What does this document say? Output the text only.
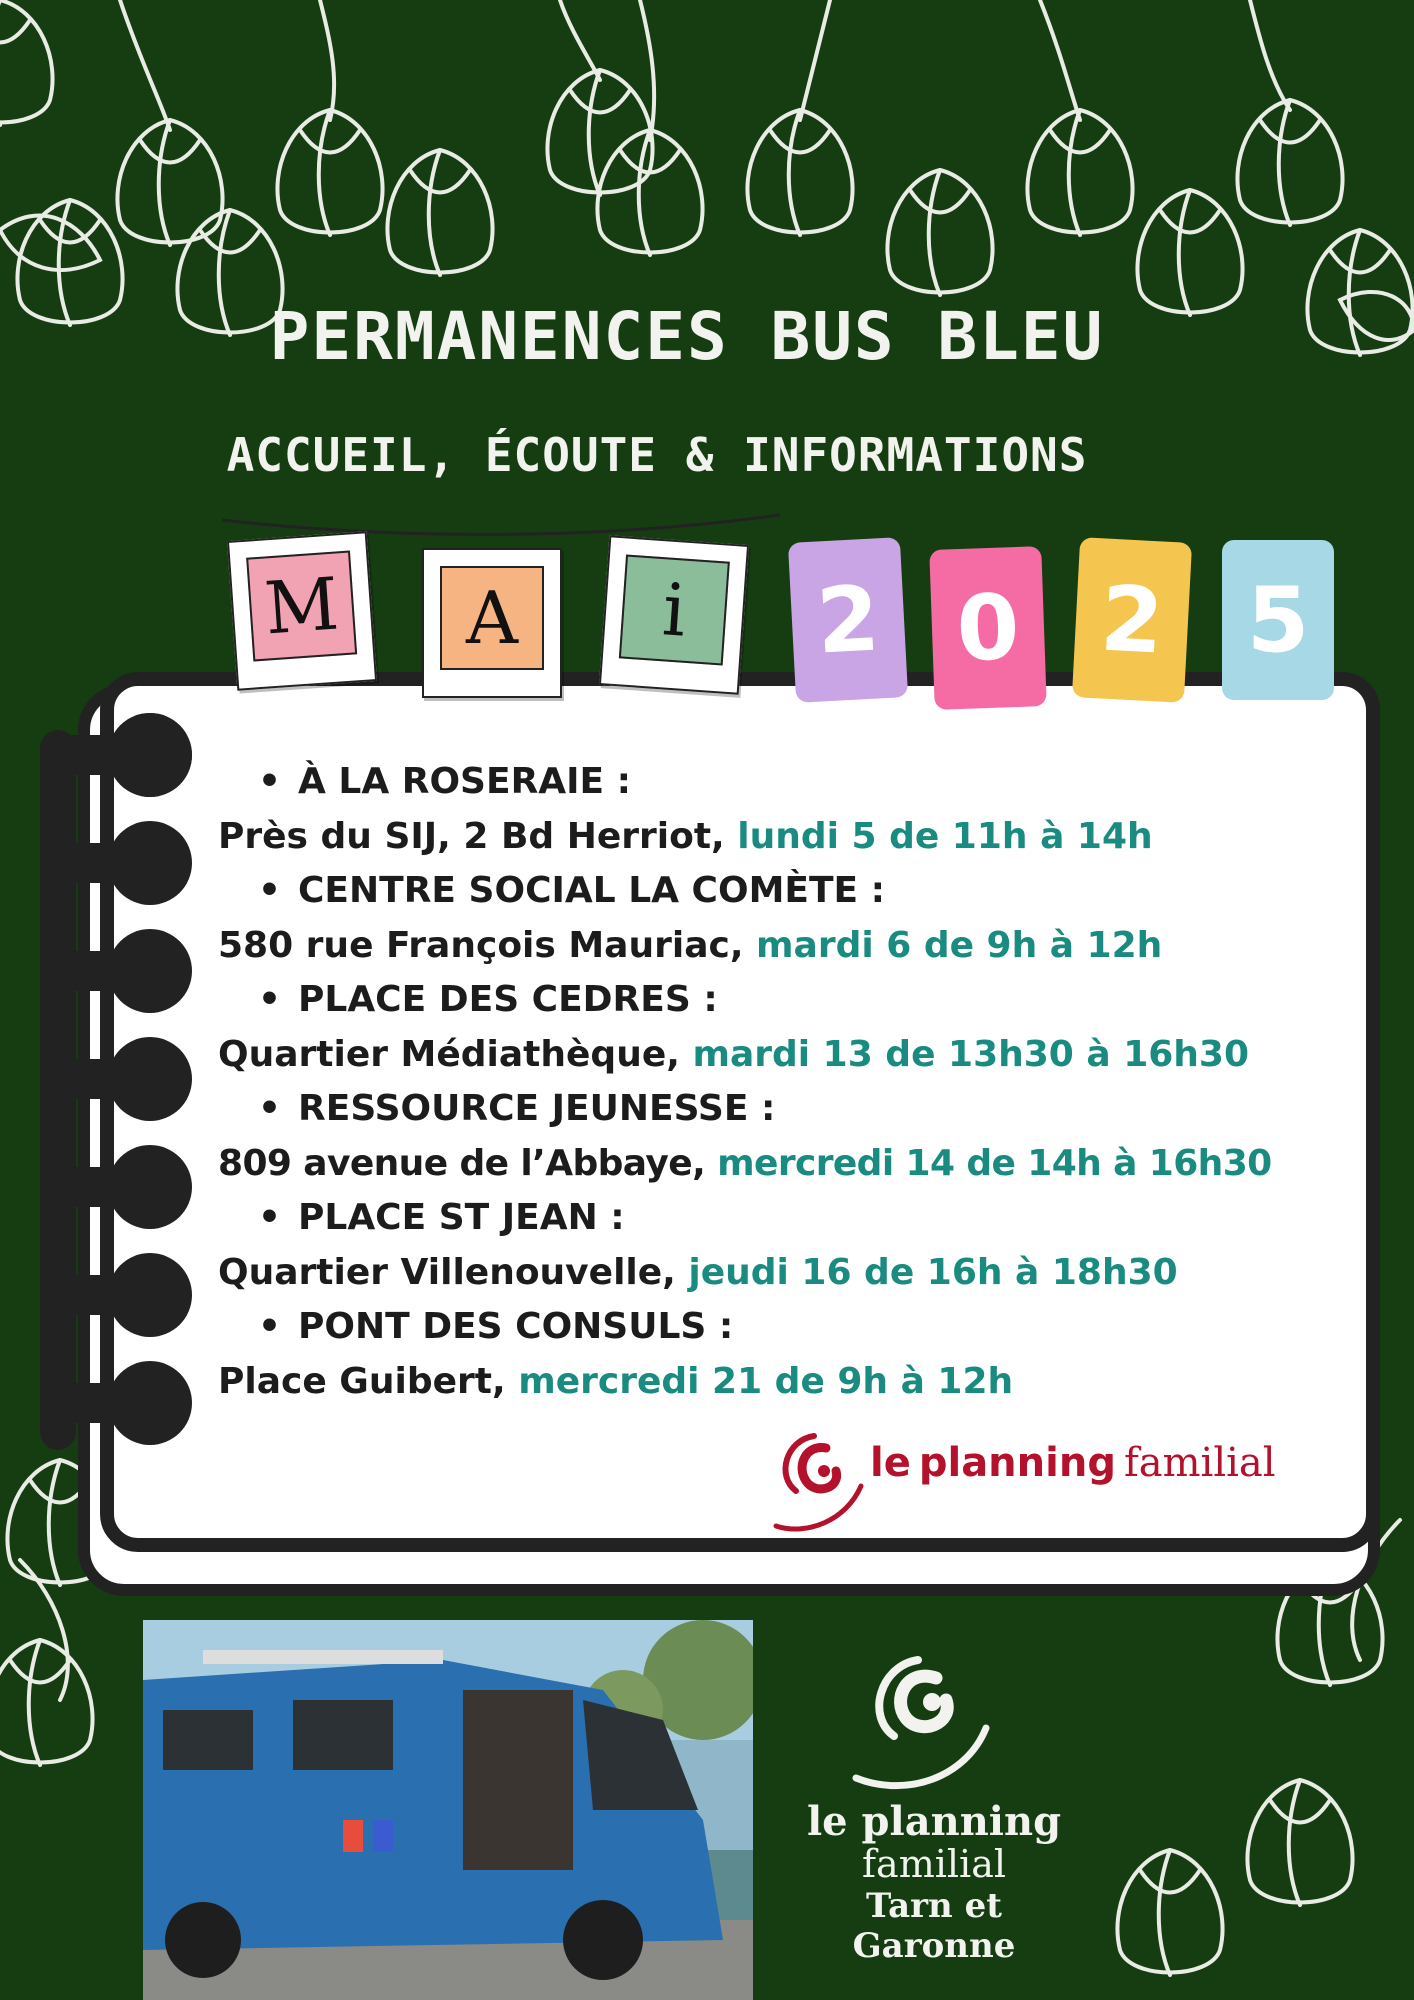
PERMANENCES BUS BLEU
ACCUEIL, ÉCOUTE & INFORMATIONS
M	A	i	2 0 2 5
• À LA ROSERAIE :
Près du SIJ, 2 Bd Herriot, lundi 5 de 11h à 14h
• CENTRE SOCIAL LA COMÈTE :
580 rue François Mauriac, mardi 6 de 9h à 12h
• PLACE DES CEDRES :
Quartier Médiathèque, mardi 13 de 13h30 à 16h30
• RESSOURCE JEUNESSE :
809 avenue de l’Abbaye, mercredi 14 de 14h à 16h30
• PLACE ST JEAN :
Quartier Villenouvelle, jeudi 16 de 16h à 18h30
• PONT DES CONSULS :
Place Guibert, mercredi 21 de 9h à 12h
le planning familial
le planning
familial
Tarn et
Garonne
